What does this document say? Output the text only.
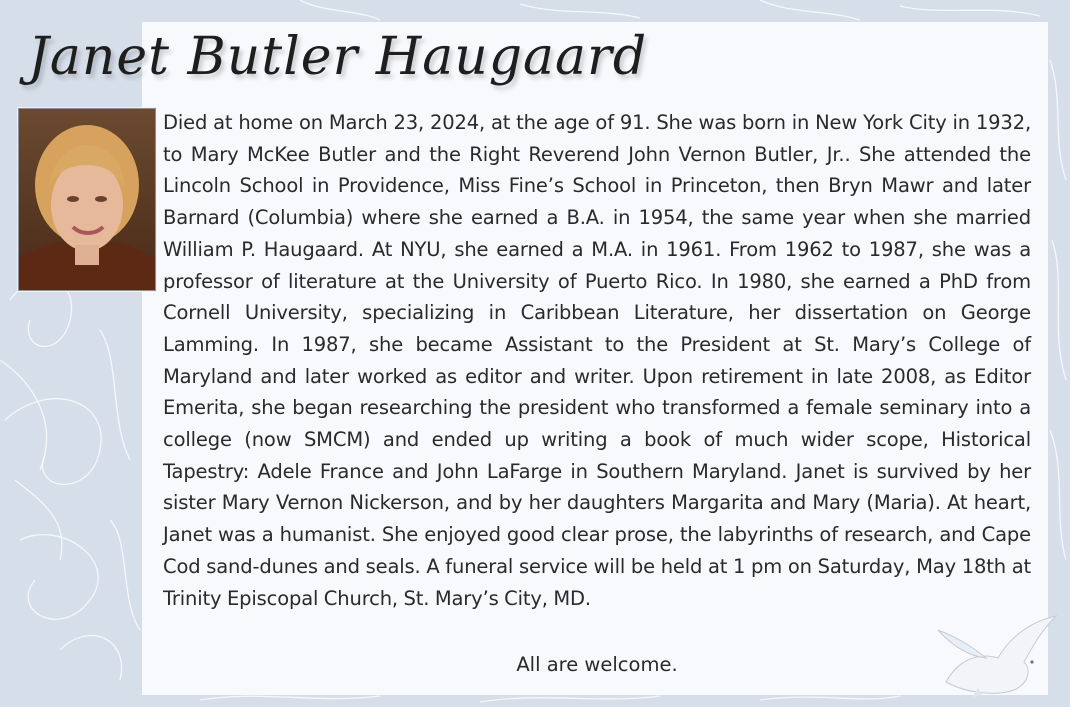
Janet Butler Haugaard

Died at home on March 23, 2024, at the age of 91. She was born in New York City in 1932, to Mary McKee Butler and the Right Reverend John Vernon Butler, Jr.. She attended the Lincoln School in Providence, Miss Fine’s School in Princeton, then Bryn Mawr and later Barnard (Columbia) where she earned a B.A. in 1954, the same year when she married William P. Haugaard. At NYU, she earned a M.A. in 1961. From 1962 to 1987, she was a professor of literature at the University of Puerto Rico. In 1980, she earned a PhD from Cornell University, specializing in Caribbean Literature, her dissertation on George Lamming. In 1987, she became Assistant to the President at St. Mary’s College of Maryland and later worked as editor and writer. Upon retirement in late 2008, as Editor Emerita, she began researching the president who transformed a female seminary into a college (now SMCM) and ended up writing a book of much wider scope, Historical Tapestry: Adele France and John LaFarge in Southern Maryland. Janet is survived by her sister Mary Vernon Nickerson, and by her daughters Margarita and Mary (Maria). At heart, Janet was a humanist. She enjoyed good clear prose, the labyrinths of research, and Cape Cod sand-dunes and seals. A funeral service will be held at 1 pm on Saturday, May 18th at Trinity Episcopal Church, St. Mary’s City, MD.

All are welcome.
